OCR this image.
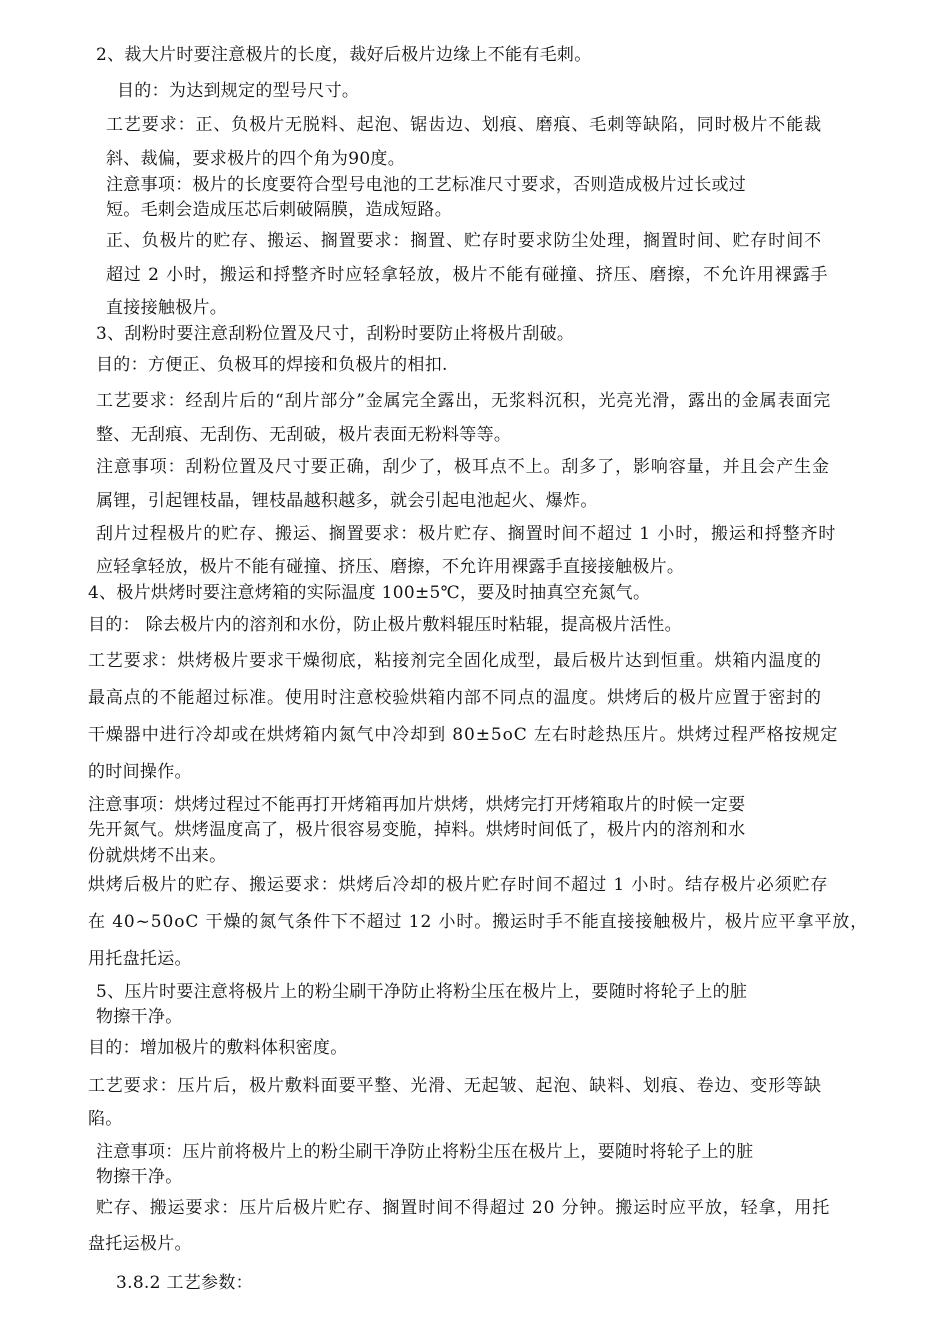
2、裁大片时要注意极片的长度，裁好后极片边缘上不能有毛刺。
目的：为达到规定的型号尺寸。
工艺要求：正、负极片无脱料、起泡、锯齿边、划痕、磨痕、毛刺等缺陷，同时极片不能裁
斜、裁偏，要求极片的四个角为90度。
注意事项：极片的长度要符合型号电池的工艺标准尺寸要求，否则造成极片过长或过
短。毛刺会造成压芯后刺破隔膜，造成短路。
正、负极片的贮存、搬运、搁置要求：搁置、贮存时要求防尘处理，搁置时间、贮存时间不
超过 2 小时，搬运和捋整齐时应轻拿轻放，极片不能有碰撞、挤压、磨擦，不允许用裸露手
直接接触极片。
3、刮粉时要注意刮粉位置及尺寸，刮粉时要防止将极片刮破。
目的：方便正、负极耳的焊接和负极片的相扣.
工艺要求：经刮片后的“刮片部分”金属完全露出，无浆料沉积，光亮光滑，露出的金属表面完
整、无刮痕、无刮伤、无刮破，极片表面无粉料等等。
注意事项：刮粉位置及尺寸要正确，刮少了，极耳点不上。刮多了，影响容量，并且会产生金
属锂，引起锂枝晶，锂枝晶越积越多，就会引起电池起火、爆炸。
刮片过程极片的贮存、搬运、搁置要求：极片贮存、搁置时间不超过 1 小时，搬运和捋整齐时
应轻拿轻放，极片不能有碰撞、挤压、磨擦，不允许用裸露手直接接触极片。
4、极片烘烤时要注意烤箱的实际温度 100±5℃，要及时抽真空充氮气。
目的： 除去极片内的溶剂和水份，防止极片敷料辊压时粘辊，提高极片活性。
工艺要求：烘烤极片要求干燥彻底，粘接剂完全固化成型，最后极片达到恒重。烘箱内温度的
最高点的不能超过标准。使用时注意校验烘箱内部不同点的温度。烘烤后的极片应置于密封的
干燥器中进行冷却或在烘烤箱内氮气中冷却到 80±5oC 左右时趁热压片。烘烤过程严格按规定
的时间操作。
注意事项：烘烤过程过不能再打开烤箱再加片烘烤，烘烤完打开烤箱取片的时候一定要
先开氮气。烘烤温度高了，极片很容易变脆，掉料。烘烤时间低了，极片内的溶剂和水
份就烘烤不出来。
烘烤后极片的贮存、搬运要求：烘烤后冷却的极片贮存时间不超过 1 小时。结存极片必须贮存
在 40~50oC 干燥的氮气条件下不超过 12 小时。搬运时手不能直接接触极片，极片应平拿平放，
用托盘托运。
5、压片时要注意将极片上的粉尘刷干净防止将粉尘压在极片上，要随时将轮子上的脏
物擦干净。
目的：增加极片的敷料体积密度。
工艺要求：压片后，极片敷料面要平整、光滑、无起皱、起泡、缺料、划痕、卷边、变形等缺
陷。
注意事项：压片前将极片上的粉尘刷干净防止将粉尘压在极片上，要随时将轮子上的脏
物擦干净。
贮存、搬运要求：压片后极片贮存、搁置时间不得超过 20 分钟。搬运时应平放，轻拿，用托
盘托运极片。
3.8.2 工艺参数：
